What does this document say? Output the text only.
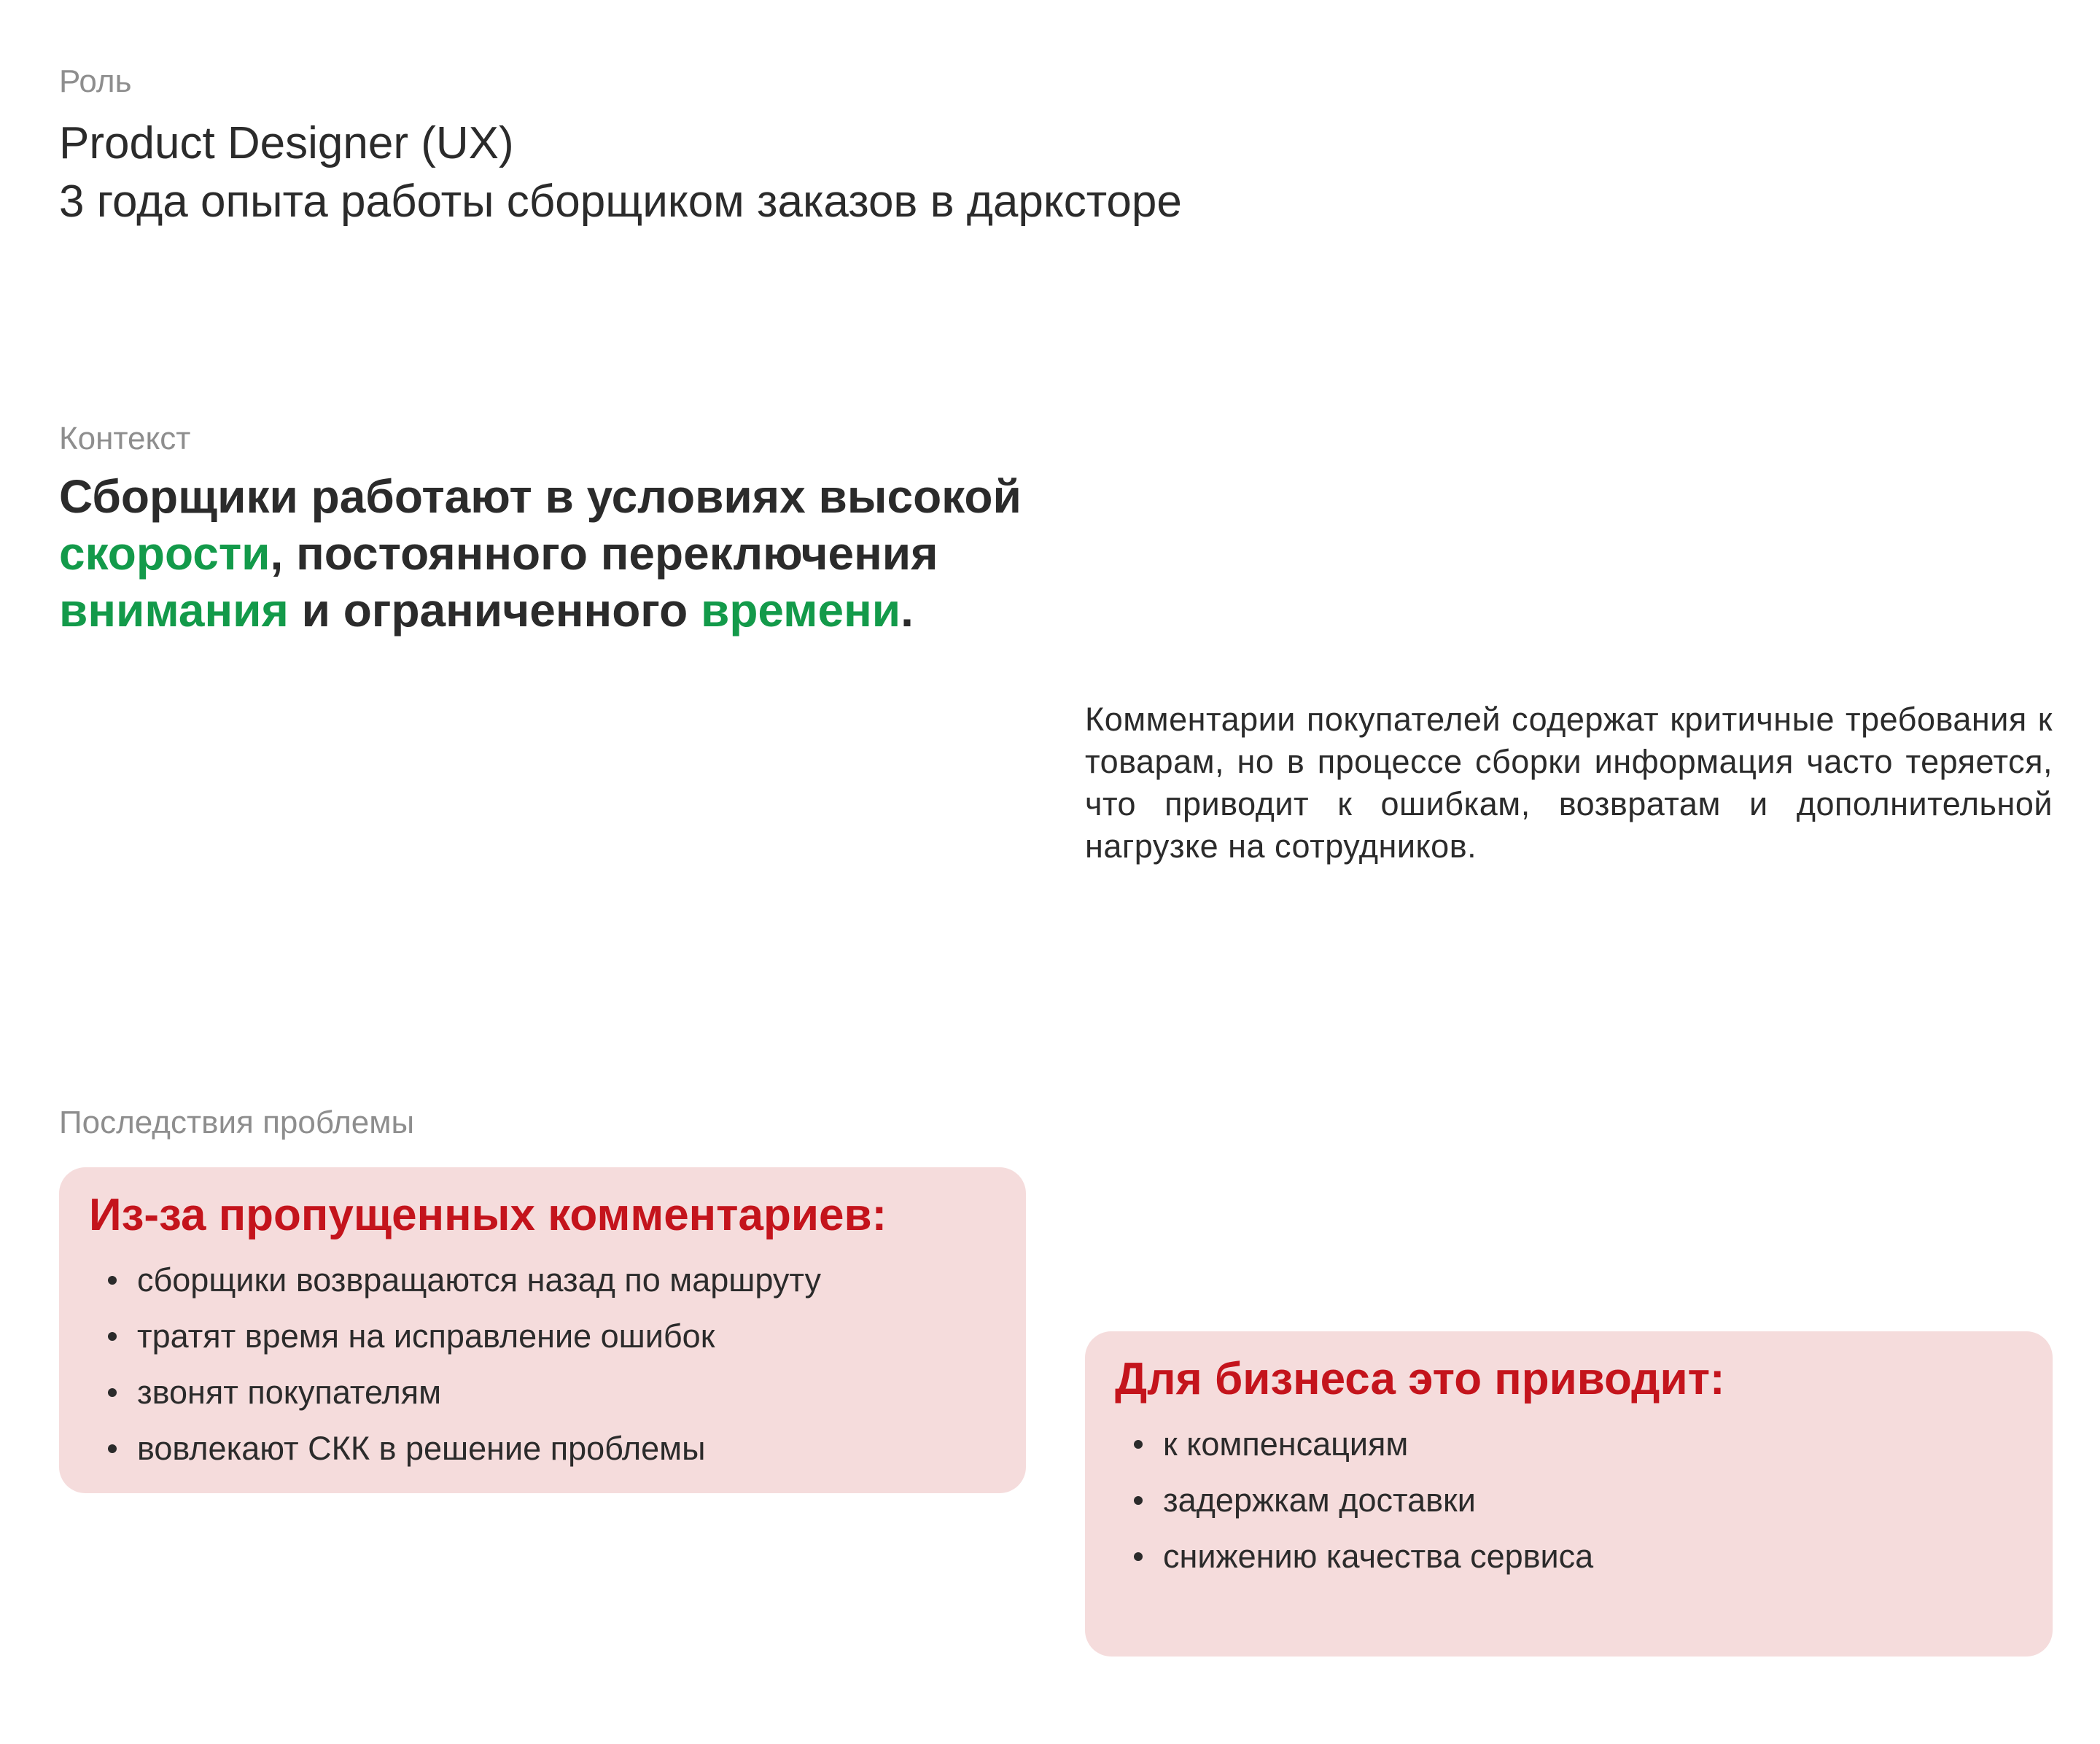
Роль

Product Designer (UX)
3 года опыта работы сборщиком заказов в дарксторе

Контекст

Сборщики работают в условиях высокой
скорости, постоянного переключения
внимания и ограниченного времени.

Комментарии покупателей содержат критичные требования к товарам, но в процессе сборки информация часто теряется, что приводит к ошибкам, возвратам и дополнительной нагрузке на сотрудников.

Последствия проблемы

Из-за пропущенных комментариев:
сборщики возвращаются назад по маршруту
тратят время на исправление ошибок
звонят покупателям
вовлекают СКК в решение проблемы
Для бизнеса это приводит:
к компенсациям
задержкам доставки
снижению качества сервиса
